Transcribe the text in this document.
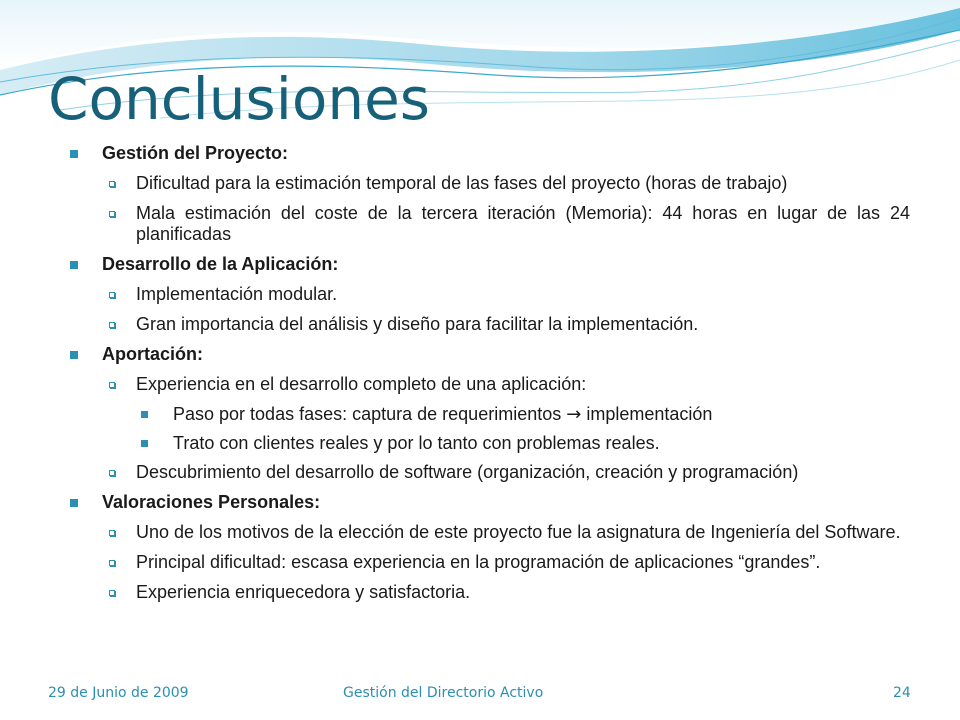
Conclusiones
Gestión del Proyecto:
Dificultad para la estimación temporal de las fases del proyecto (horas de trabajo)
Mala estimación del coste de la tercera iteración (Memoria): 44 horas en lugar de las 24 planificadas
Desarrollo de la Aplicación:
Implementación modular.
Gran importancia del análisis y diseño para facilitar la implementación.
Aportación:
Experiencia en el desarrollo completo de una aplicación:
Paso por todas fases: captura de requerimientos → implementación
Trato con clientes reales y por lo tanto con problemas reales.
Descubrimiento del desarrollo de software (organización, creación y programación)
Valoraciones Personales:
Uno de los motivos de la elección de este proyecto fue la asignatura de Ingeniería del Software.
Principal dificultad: escasa experiencia en la programación de aplicaciones “grandes”.
Experiencia enriquecedora y satisfactoria.
29 de Junio de 2009	Gestión del Directorio Activo	24
